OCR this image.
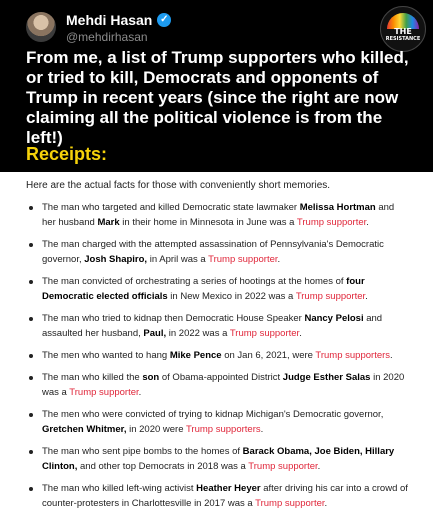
Mehdi Hasan ✓
@mehdirhasan	THE
RESISTANCE
From me, a list of Trump supporters who killed, or tried to kill, Democrats and opponents of Trump in recent years (since the right are now claiming all the political violence is from the left!)
Receipts:
Here are the actual facts for those with conveniently short memories.
The man who targeted and killed Democratic state lawmaker Melissa Hortman and her husband Mark in their home in Minnesota in June was a Trump supporter.
The man charged with the attempted assassination of Pennsylvania's Democratic governor, Josh Shapiro, in April was a Trump supporter.
The man convicted of orchestrating a series of hootings at the homes of four Democratic elected officials in New Mexico in 2022 was a Trump supporter.
The man who tried to kidnap then Democratic House Speaker Nancy Pelosi and assaulted her husband, Paul, in 2022 was a Trump supporter.
The men who wanted to hang Mike Pence on Jan 6, 2021, were Trump supporters.
The man who killed the son of Obama-appointed District Judge Esther Salas in 2020 was a Trump supporter.
The men who were convicted of trying to kidnap Michigan's Democratic governor, Gretchen Whitmer, in 2020 were Trump supporters.
The man who sent pipe bombs to the homes of Barack Obama, Joe Biden, Hillary Clinton, and other top Democrats in 2018 was a Trump supporter.
The man who killed left-wing activist Heather Heyer after driving his car into a crowd of counter-protesters in Charlottesville in 2017 was a Trump supporter.
